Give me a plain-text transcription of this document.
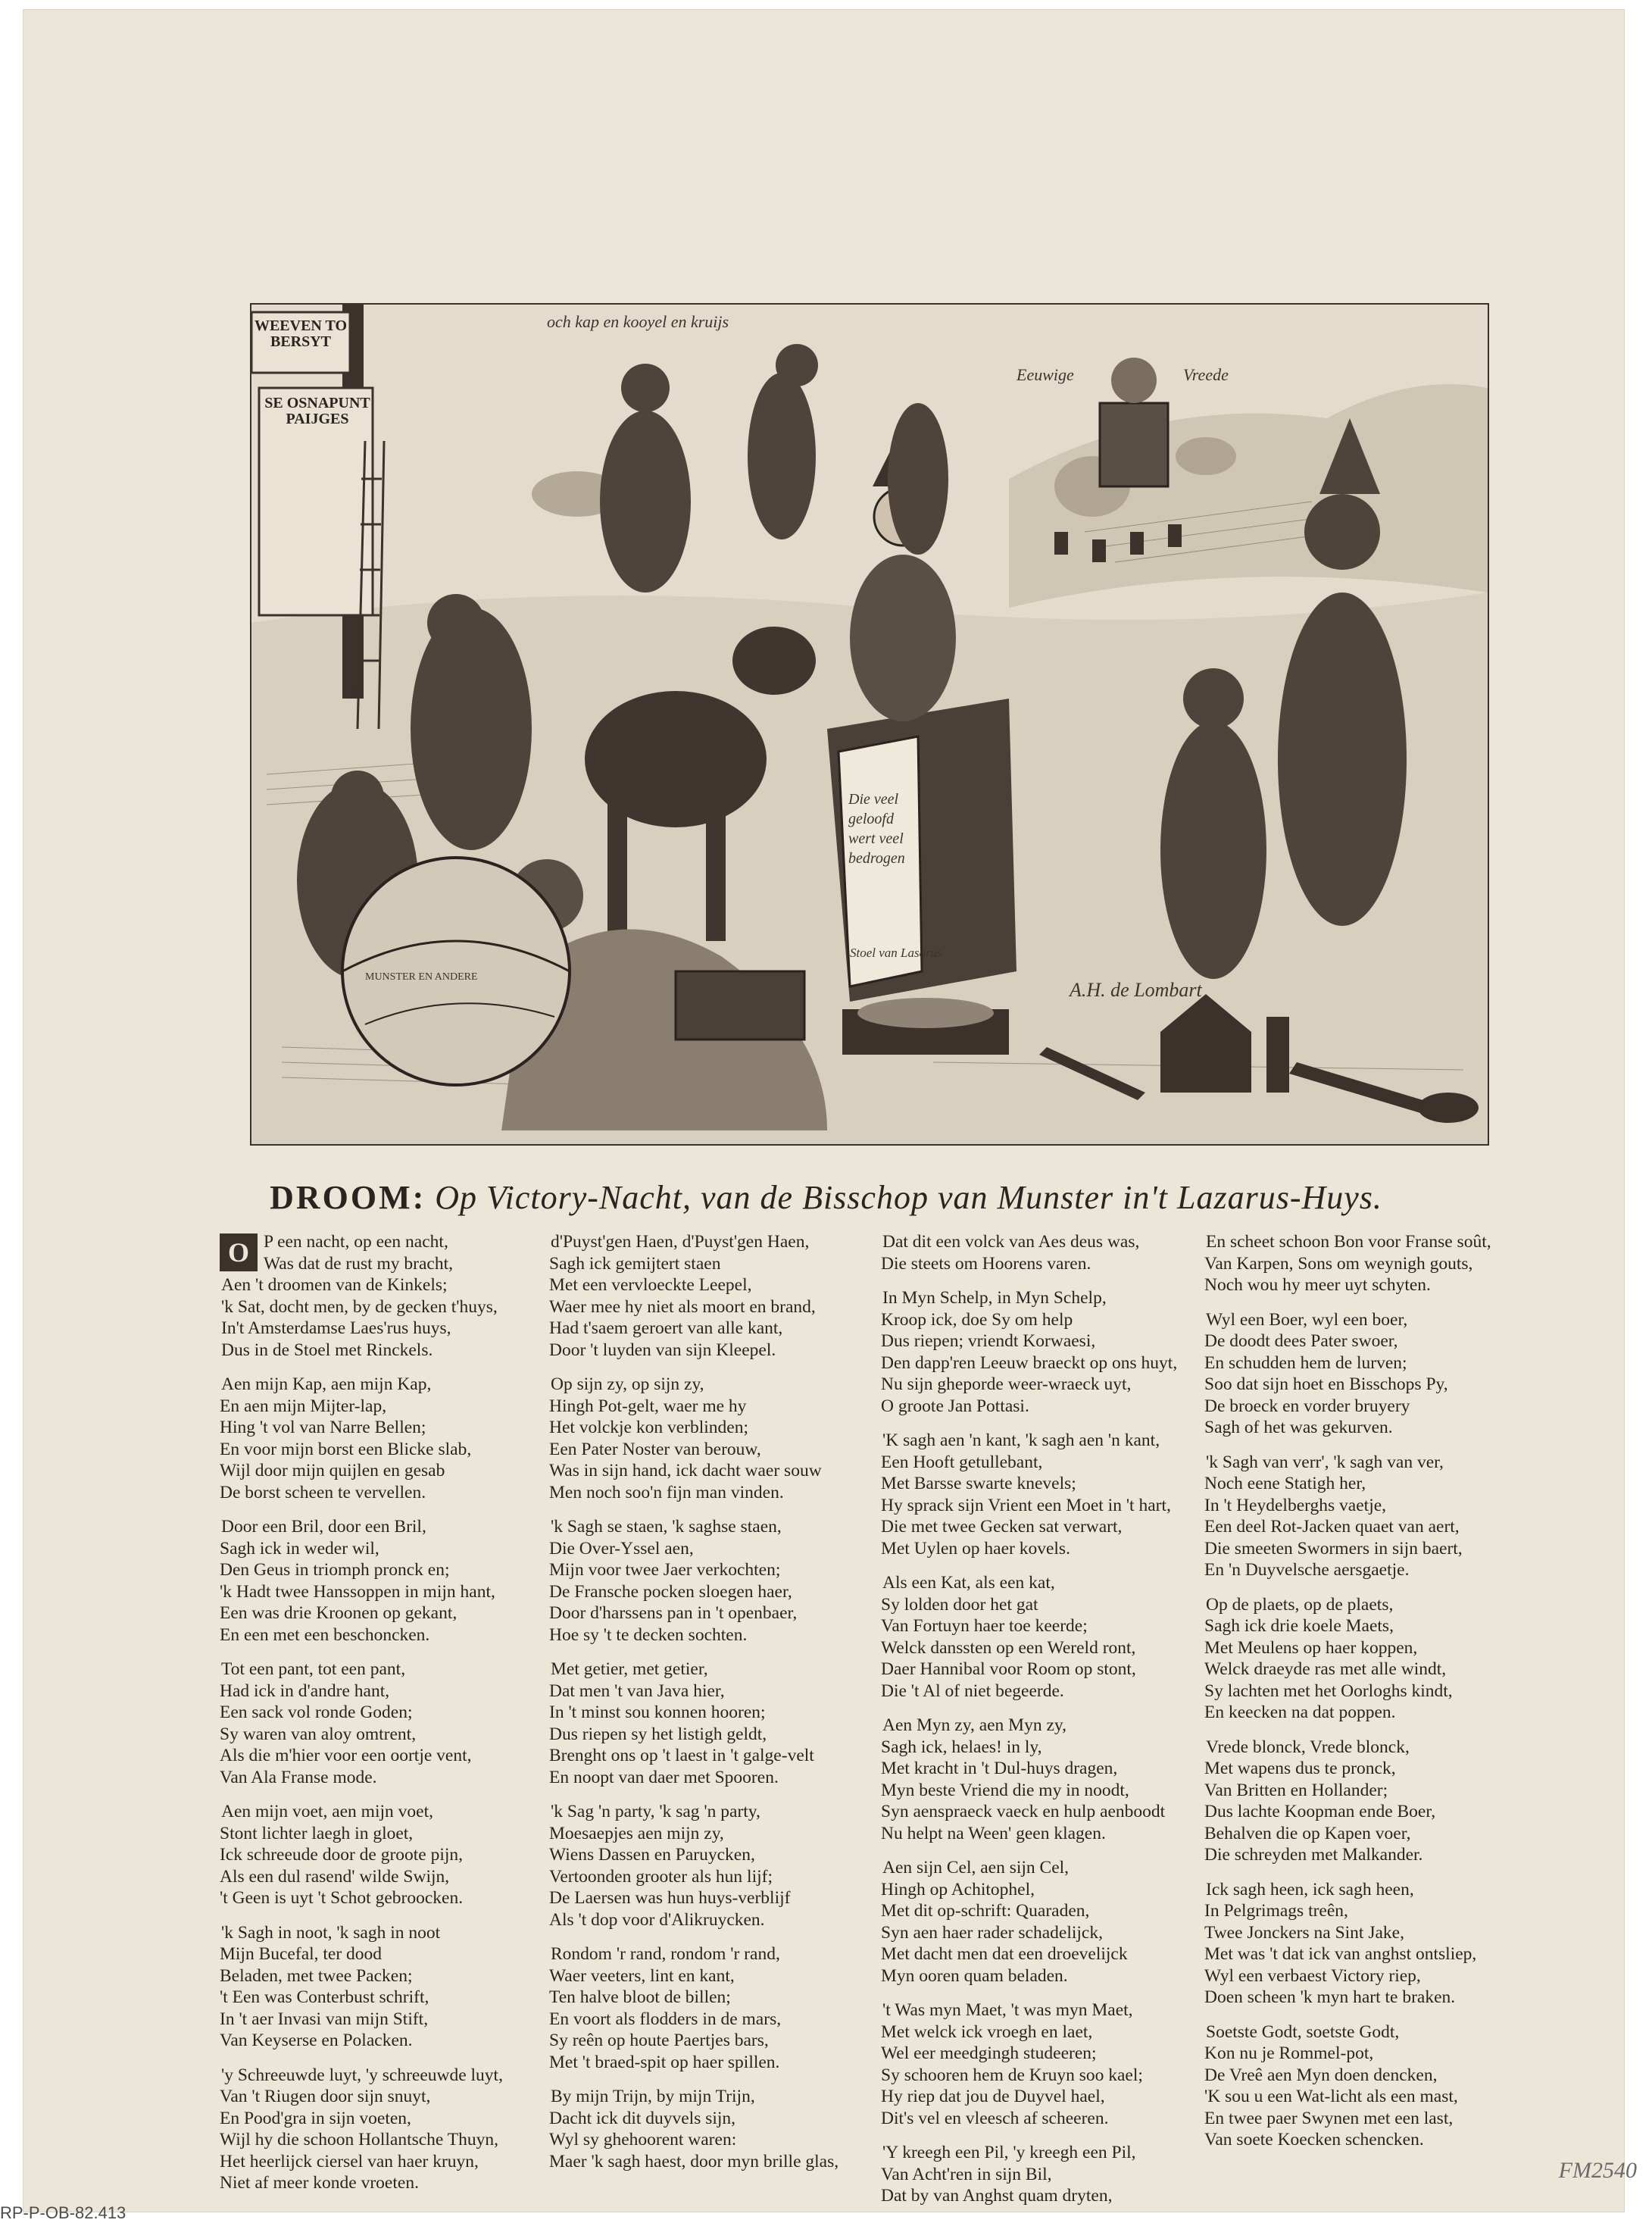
WEEVEN TO BERSYT
SE OSNAPUNT PAIJGES
och kap en kooyel en kruijs
Eeuwige	Vreede
Die veel geloofd wert veel bedrogen
Stoel van Lasarus
MUNSTER EN ANDERE
A.H. de Lombart
H. Verbruijt
DROOM: Op Victory-Nacht, van de Bisschop van Munster in't Lazarus-Huys.
O P een nacht, op een nacht,
Was dat de rust my bracht,
Aen 't droomen van de Kinkels;
'k Sat, docht men, by de gecken t'huys,
In't Amsterdamse Laes'rus huys,
Dus in de Stoel met Rinckels.
Aen mijn Kap, aen mijn Kap,
En aen mijn Mijter-lap,
Hing 't vol van Narre Bellen;
En voor mijn borst een Blicke slab,
Wijl door mijn quijlen en gesab
De borst scheen te vervellen.
Door een Bril, door een Bril,
Sagh ick in weder wil,
Den Geus in triomph pronck en;
'k Hadt twee Hanssoppen in mijn hant,
Een was drie Kroonen op gekant,
En een met een beschoncken.
Tot een pant, tot een pant,
Had ick in d'andre hant,
Een sack vol ronde Goden;
Sy waren van aloy omtrent,
Als die m'hier voor een oortje vent,
Van Ala Franse mode.
Aen mijn voet, aen mijn voet,
Stont lichter laegh in gloet,
Ick schreeude door de groote pijn,
Als een dul rasend' wilde Swijn,
't Geen is uyt 't Schot gebroocken.
'k Sagh in noot, 'k sagh in noot
Mijn Bucefal, ter dood
Beladen, met twee Packen;
't Een was Conterbust schrift,
In 't aer Invasi van mijn Stift,
Van Keyserse en Polacken.
'y Schreeuwde luyt, 'y schreeuwde luyt,
Van 't Riugen door sijn snuyt,
En Pood'gra in sijn voeten,
Wijl hy die schoon Hollantsche Thuyn,
Het heerlijck ciersel van haer kruyn,
Niet af meer konde vroeten.
d'Puyst'gen Haen, d'Puyst'gen Haen,
Sagh ick gemijtert staen
Met een vervloeckte Leepel,
Waer mee hy niet als moort en brand,
Had t'saem geroert van alle kant,
Door 't luyden van sijn Kleepel.
Op sijn zy, op sijn zy,
Hingh Pot-gelt, waer me hy
Het volckje kon verblinden;
Een Pater Noster van berouw,
Was in sijn hand, ick dacht waer souw
Men noch soo'n fijn man vinden.
'k Sagh se staen, 'k saghse staen,
Die Over-Yssel aen,
Mijn voor twee Jaer verkochten;
De Fransche pocken sloegen haer,
Door d'harssens pan in 't openbaer,
Hoe sy 't te decken sochten.
Met getier, met getier,
Dat men 't van Java hier,
In 't minst sou konnen hooren;
Dus riepen sy het listigh geldt,
Brenght ons op 't laest in 't galge-velt
En noopt van daer met Spooren.
'k Sag 'n party, 'k sag 'n party,
Moesaepjes aen mijn zy,
Wiens Dassen en Paruycken,
Vertoonden grooter als hun lijf;
De Laersen was hun huys-verblijf
Als 't dop voor d'Alikruycken.
Rondom 'r rand, rondom 'r rand,
Waer veeters, lint en kant,
Ten halve bloot de billen;
En voort als flodders in de mars,
Sy reên op houte Paertjes bars,
Met 't braed-spit op haer spillen.
By mijn Trijn, by mijn Trijn,
Dacht ick dit duyvels sijn,
Wyl sy ghehoorent waren:
Maer 'k sagh haest, door myn brille glas,
Dat dit een volck van Aes deus was,
Die steets om Hoorens varen.
In Myn Schelp, in Myn Schelp,
Kroop ick, doe Sy om help
Dus riepen; vriendt Korwaesi,
Den dapp'ren Leeuw braeckt op ons huyt,
Nu sijn gheporde weer-wraeck uyt,
O groote Jan Pottasi.
'K sagh aen 'n kant, 'k sagh aen 'n kant,
Een Hooft getullebant,
Met Barsse swarte knevels;
Hy sprack sijn Vrient een Moet in 't hart,
Die met twee Gecken sat verwart,
Met Uylen op haer kovels.
Als een Kat, als een kat,
Sy lolden door het gat
Van Fortuyn haer toe keerde;
Welck danssten op een Wereld ront,
Daer Hannibal voor Room op stont,
Die 't Al of niet begeerde.
Aen Myn zy, aen Myn zy,
Sagh ick, helaes! in ly,
Met kracht in 't Dul-huys dragen,
Myn beste Vriend die my in noodt,
Syn aenspraeck vaeck en hulp aenboodt
Nu helpt na Ween' geen klagen.
Aen sijn Cel, aen sijn Cel,
Hingh op Achitophel,
Met dit op-schrift: Quaraden,
Syn aen haer rader schadelijck,
Met dacht men dat een droevelijck
Myn ooren quam beladen.
't Was myn Maet, 't was myn Maet,
Met welck ick vroegh en laet,
Wel eer meedgingh studeeren;
Sy schooren hem de Kruyn soo kael;
Hy riep dat jou de Duyvel hael,
Dit's vel en vleesch af scheeren.
'Y kreegh een Pil, 'y kreegh een Pil,
Van Acht'ren in sijn Bil,
Dat by van Anghst quam dryten,
En scheet schoon Bon voor Franse soût,
Van Karpen, Sons om weynigh gouts,
Noch wou hy meer uyt schyten.
Wyl een Boer, wyl een boer,
De doodt dees Pater swoer,
En schudden hem de lurven;
Soo dat sijn hoet en Bisschops Py,
De broeck en vorder bruyery
Sagh of het was gekurven.
'k Sagh van verr', 'k sagh van ver,
Noch eene Statigh her,
In 't Heydelberghs vaetje,
Een deel Rot-Jacken quaet van aert,
Die smeeten Swormers in sijn baert,
En 'n Duyvelsche aersgaetje.
Op de plaets, op de plaets,
Sagh ick drie koele Maets,
Met Meulens op haer koppen,
Welck draeyde ras met alle windt,
Sy lachten met het Oorloghs kindt,
En keecken na dat poppen.
Vrede blonck, Vrede blonck,
Met wapens dus te pronck,
Van Britten en Hollander;
Dus lachte Koopman ende Boer,
Behalven die op Kapen voer,
Die schreyden met Malkander.
Ick sagh heen, ick sagh heen,
In Pelgrimags treên,
Twee Jonckers na Sint Jake,
Met was 't dat ick van anghst ontsliep,
Wyl een verbaest Victory riep,
Doen scheen 'k myn hart te braken.
Soetste Godt, soetste Godt,
Kon nu je Rommel-pot,
De Vreê aen Myn doen dencken,
'K sou u een Wat-licht als een mast,
En twee paer Swynen met een last,
Van soete Koecken schencken.
RP-P-OB-82.413
FM2540
